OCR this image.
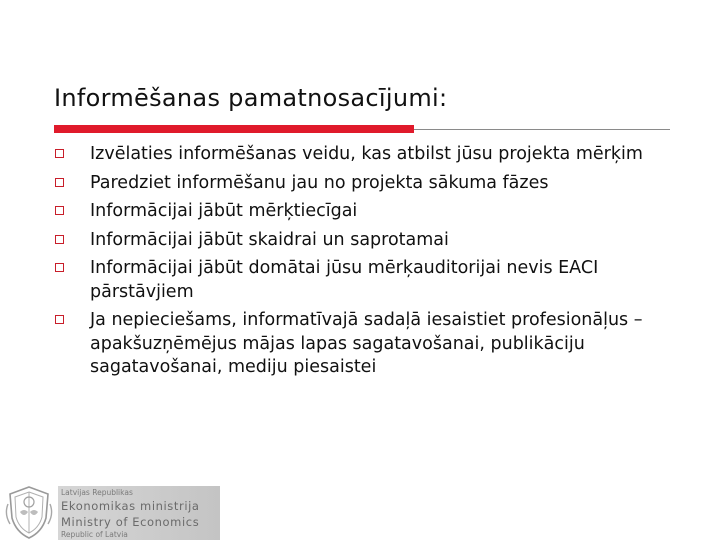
Informēšanas pamatnosacījumi:
Izvēlaties informēšanas veidu, kas atbilst jūsu projekta mērķim
Paredziet informēšanu jau no projekta sākuma fāzes
Informācijai jābūt mērķtiecīgai
Informācijai jābūt skaidrai un saprotamai
Informācijai jābūt domātai jūsu mērķauditorijai nevis EACI pārstāvjiem
Ja nepieciešams, informatīvajā sadaļā iesaistiet profesionāļus – apakšuzņēmējus mājas lapas sagatavošanai, publikāciju sagatavošanai, mediju piesaistei
Latvijas Republikas
Ekonomikas ministrija
Ministry of Economics
Republic of Latvia
